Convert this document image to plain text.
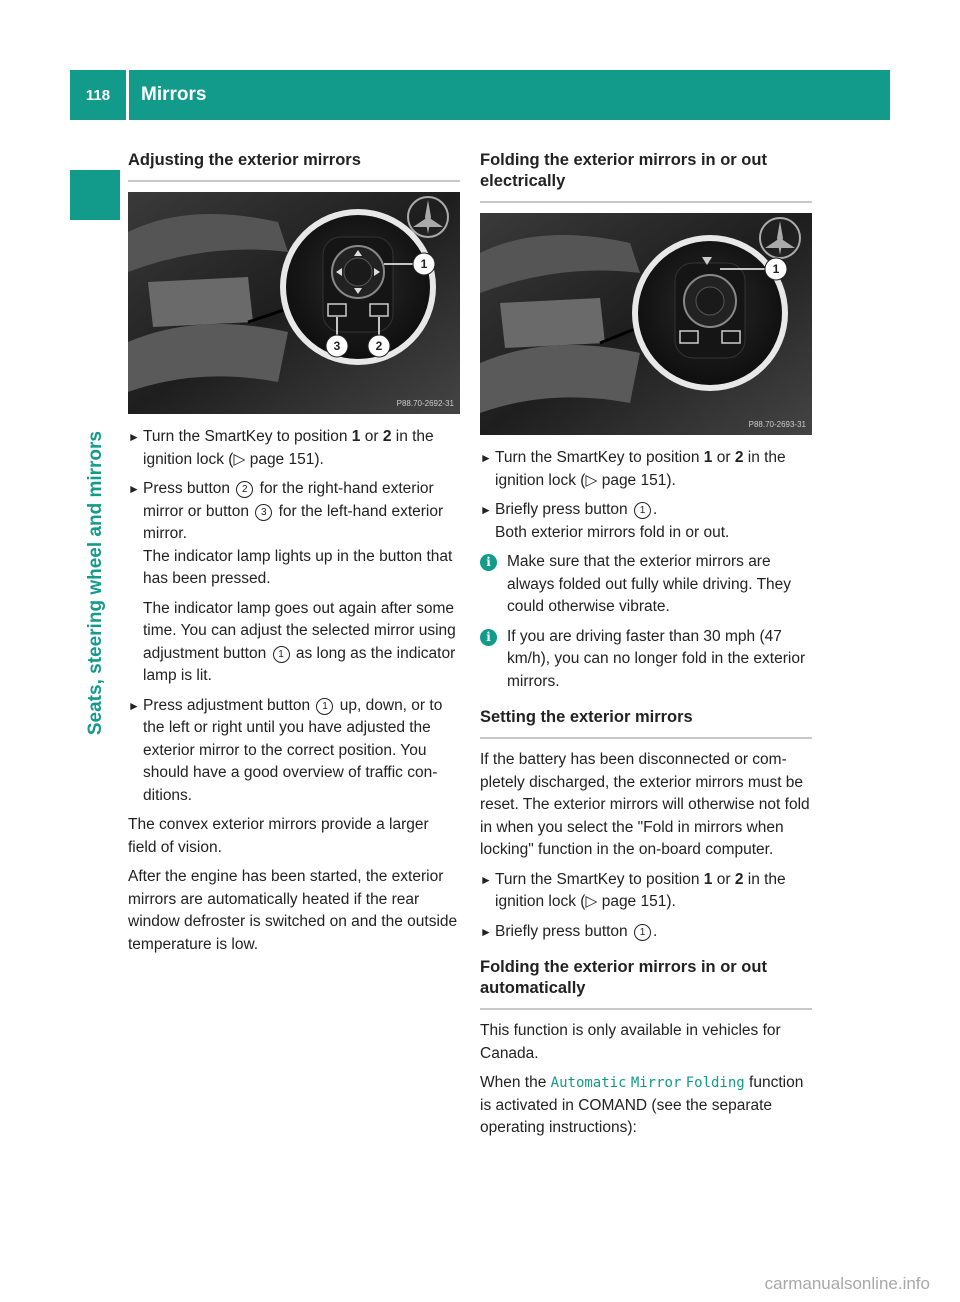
118	Mirrors
Seats, steering wheel and mirrors
Adjusting the exterior mirrors
1
3	2
P88.70-2692-31
► Turn the SmartKey to position 1 or 2 in the ignition lock (▷ page 151).
► Press button 2 for the right-hand exterior mirror or button 3 for the left-hand exterior mirror.
The indicator lamp lights up in the button that has been pressed.
The indicator lamp goes out again after some time. You can adjust the selected mirror using adjustment button 1 as long as the indicator lamp is lit.
► Press adjustment button 1 up, down, or to the left or right until you have adjusted the exterior mirror to the correct position. You should have a good overview of traffic conditions.

The convex exterior mirrors provide a larger field of vision.

After the engine has been started, the exterior mirrors are automatically heated if the rear window defroster is switched on and the outside temperature is low.

Folding the exterior mirrors in or out electrically
1
P88.70-2693-31
► Turn the SmartKey to position 1 or 2 in the ignition lock (▷ page 151).
► Briefly press button 1 .
Both exterior mirrors fold in or out.
i	Make sure that the exterior mirrors are always folded out fully while driving. They could otherwise vibrate.
i	If you are driving faster than 30 mph (47 km/h), you can no longer fold in the exterior mirrors.
Setting the exterior mirrors

If the battery has been disconnected or completely discharged, the exterior mirrors must be reset. The exterior mirrors will otherwise not fold in when you select the "Fold in mirrors when locking" function in the on-board computer.

► Turn the SmartKey to position 1 or 2 in the ignition lock (▷ page 151).
► Briefly press button 1 .
Folding the exterior mirrors in or out automatically

This function is only available in vehicles for Canada.

When the Automatic Mirror Folding function is activated in COMAND (see the separate operating instructions):

carmanualsonline.info
